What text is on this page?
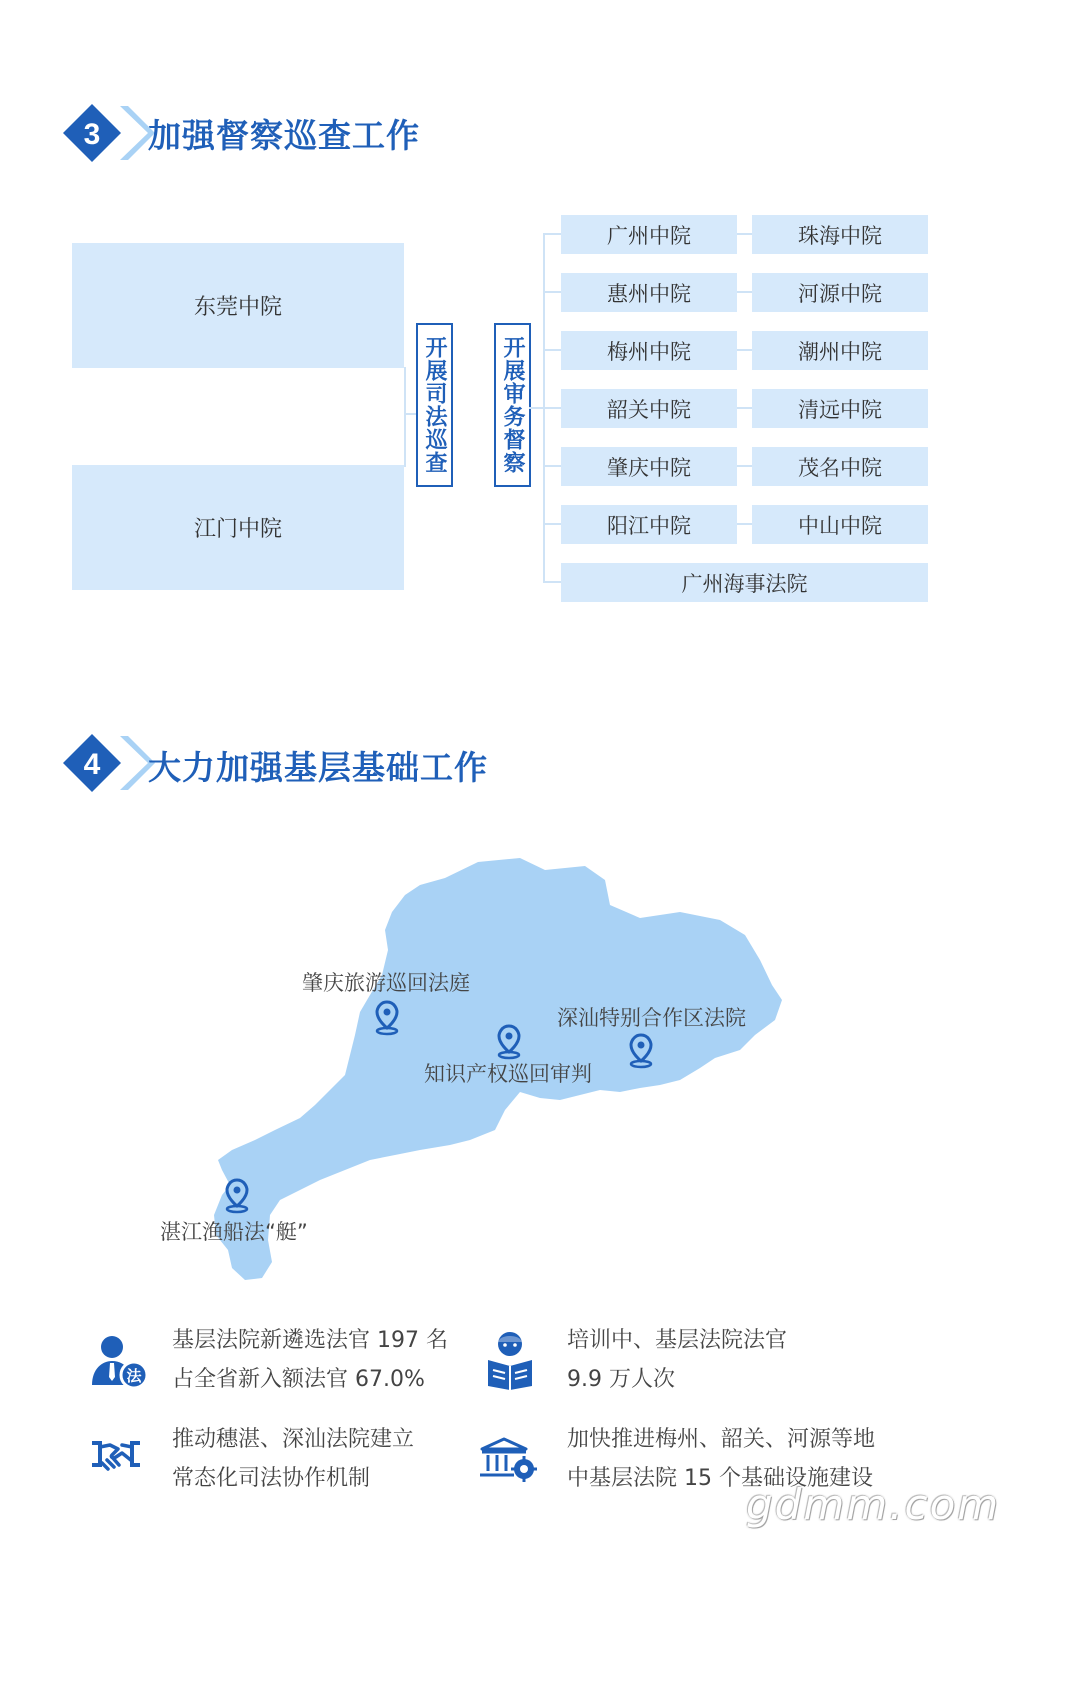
3 加强督察巡查工作
东莞中院
江门中院
开展司法巡查 开展审务督察
广州中院	珠海中院
惠州中院	河源中院
梅州中院	潮州中院
韶关中院	清远中院
肇庆中院	茂名中院
阳江中院	中山中院
广州海事法院
4 大力加强基层基础工作
肇庆旅游巡回法庭
深汕特别合作区法院
知识产权巡回审判
湛江渔船法“艇”
法
基层法院新遴选法官 197 名
占全省新入额法官 67.0%
培训中、基层法院法官
9.9 万人次
推动穗湛、深汕法院建立
常态化司法协作机制
加快推进梅州、韶关、河源等地
中基层法院 15 个基础设施建设
gdmm.com
